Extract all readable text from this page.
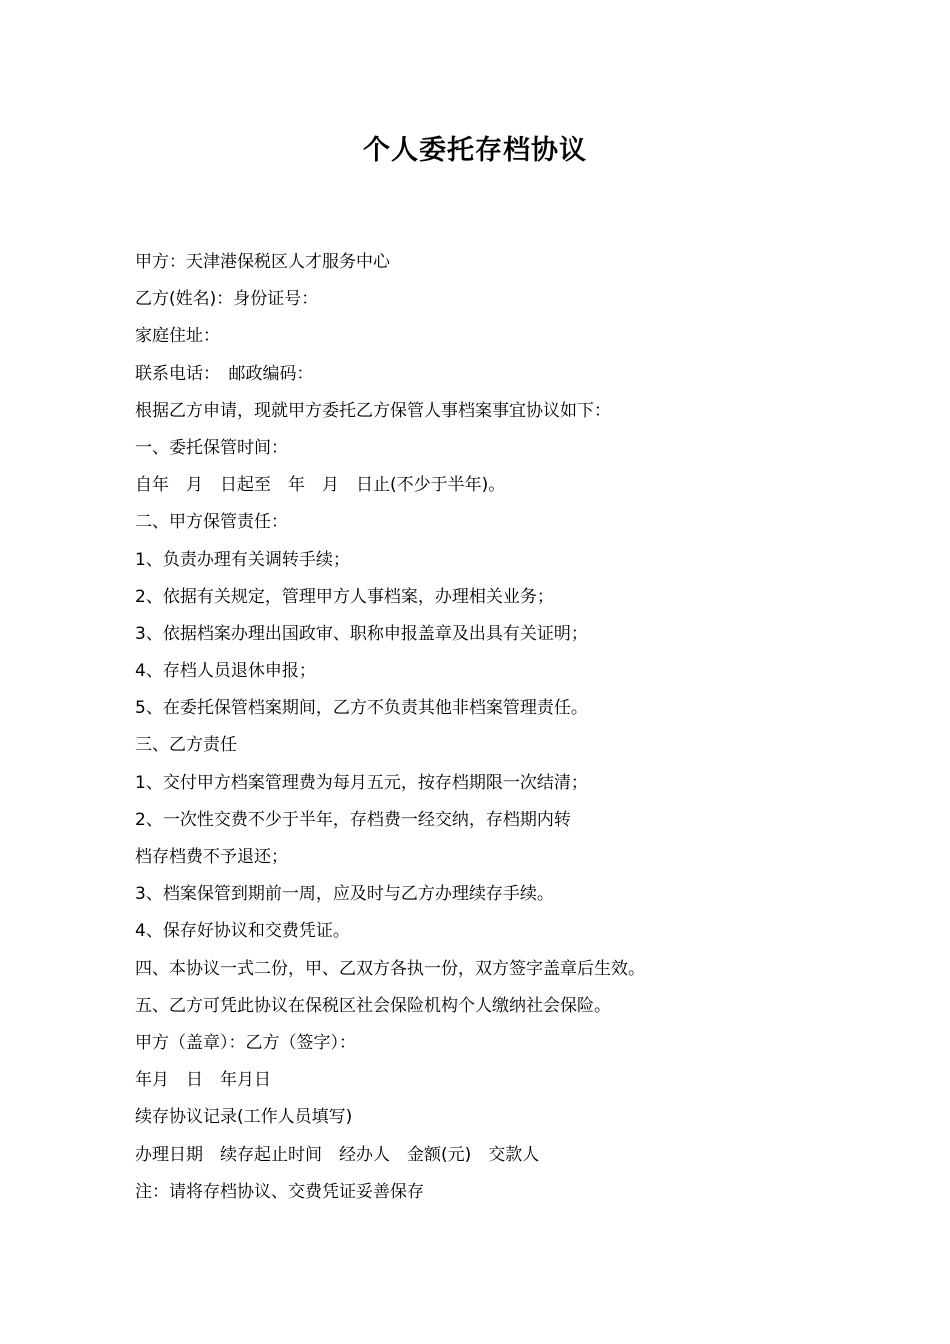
个人委托存档协议
甲方：天津港保税区人才服务中心
乙方(姓名)：身份证号：
家庭住址：
联系电话：　邮政编码：
根据乙方申请，现就甲方委托乙方保管人事档案事宜协议如下：
一、委托保管时间：
自年　月　日起至　年　月　日止(不少于半年)。
二、甲方保管责任：
1、负责办理有关调转手续；
2、依据有关规定，管理甲方人事档案，办理相关业务；
3、依据档案办理出国政审、职称申报盖章及出具有关证明；
4、存档人员退休申报；
5、在委托保管档案期间，乙方不负责其他非档案管理责任。
三、乙方责任
1、交付甲方档案管理费为每月五元，按存档期限一次结清；
2、一次性交费不少于半年，存档费一经交纳，存档期内转
档存档费不予退还；
3、档案保管到期前一周，应及时与乙方办理续存手续。
4、保存好协议和交费凭证。
四、本协议一式二份，甲、乙双方各执一份，双方签字盖章后生效。
五、乙方可凭此协议在保税区社会保险机构个人缴纳社会保险。
甲方（盖章）：乙方（签字）：
年月　日　年月日
续存协议记录(工作人员填写)
办理日期　续存起止时间　经办人　金额(元)　交款人
注：请将存档协议、交费凭证妥善保存
